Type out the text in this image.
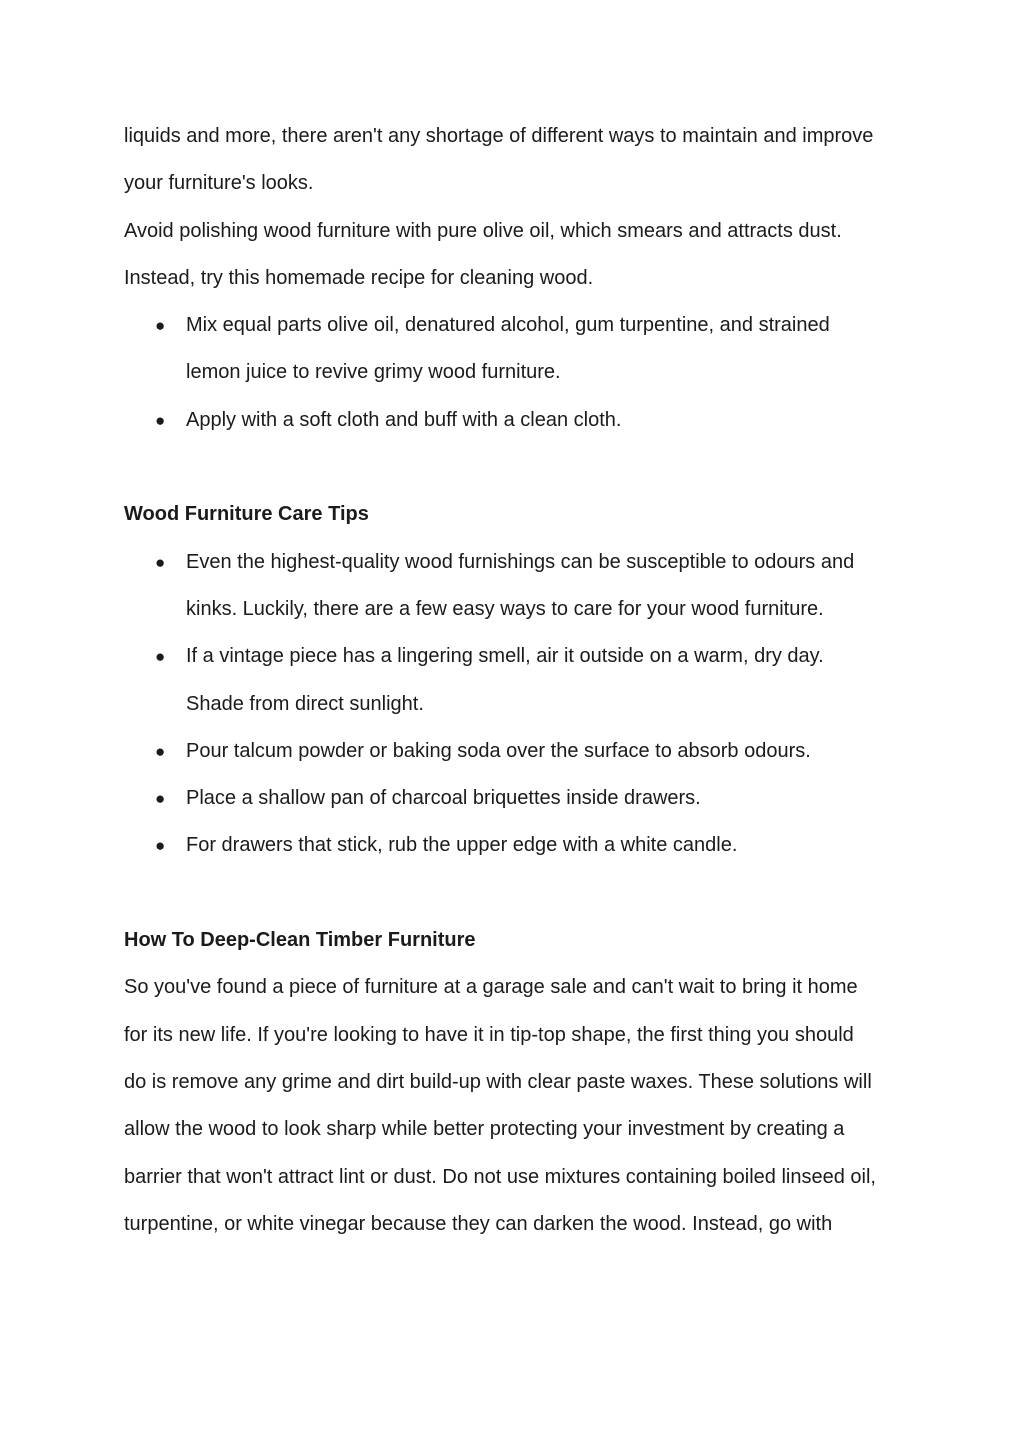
liquids and more, there aren't any shortage of different ways to maintain and improve
your furniture's looks.

Avoid polishing wood furniture with pure olive oil, which smears and attracts dust.
Instead, try this homemade recipe for cleaning wood.

● Mix equal parts olive oil, denatured alcohol, gum turpentine, and strained
lemon juice to revive grimy wood furniture.
● Apply with a soft cloth and buff with a clean cloth.
Wood Furniture Care Tips
● Even the highest-quality wood furnishings can be susceptible to odours and
kinks. Luckily, there are a few easy ways to care for your wood furniture.
● If a vintage piece has a lingering smell, air it outside on a warm, dry day.
Shade from direct sunlight.
● Pour talcum powder or baking soda over the surface to absorb odours.
● Place a shallow pan of charcoal briquettes inside drawers.
● For drawers that stick, rub the upper edge with a white candle.
How To Deep-Clean Timber Furniture

So you've found a piece of furniture at a garage sale and can't wait to bring it home
for its new life. If you're looking to have it in tip-top shape, the first thing you should
do is remove any grime and dirt build-up with clear paste waxes. These solutions will
allow the wood to look sharp while better protecting your investment by creating a
barrier that won't attract lint or dust. Do not use mixtures containing boiled linseed oil,
turpentine, or white vinegar because they can darken the wood. Instead, go with
